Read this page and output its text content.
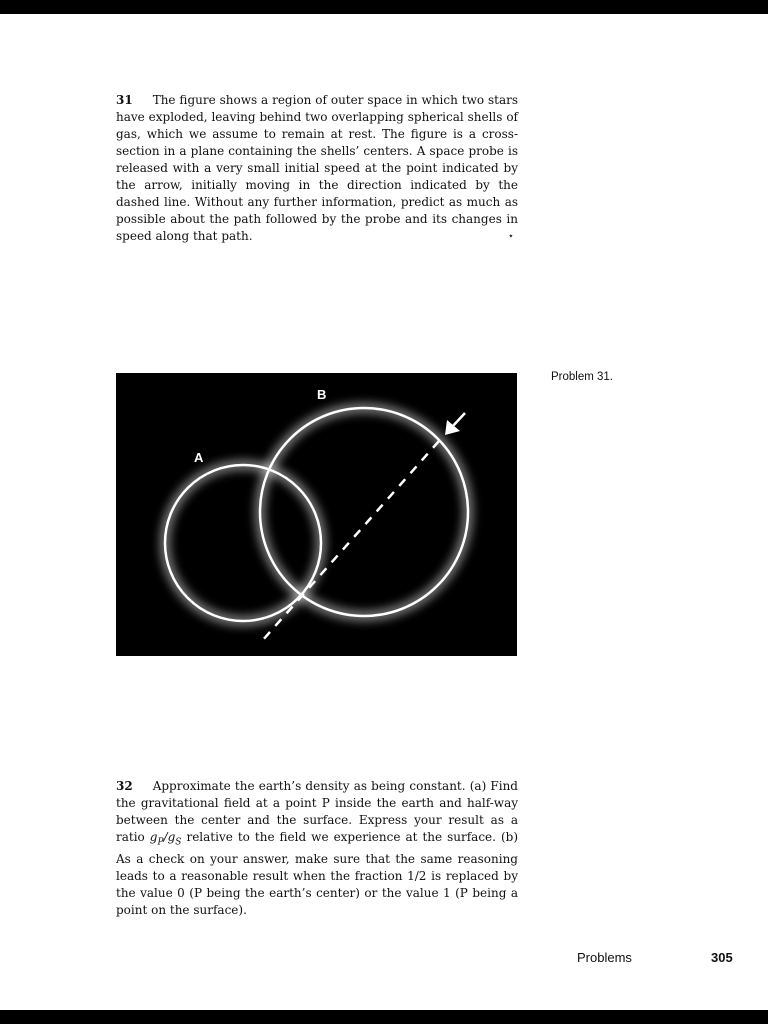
31 The figure shows a region of outer space in which two stars have exploded, leaving behind two overlapping spherical shells of gas, which we assume to remain at rest. The figure is a cross-section in a plane containing the shells’ centers. A space probe is released with a very small initial speed at the point indicated by the arrow, initially moving in the direction indicated by the dashed line. Without any further information, predict as much as possible about the path followed by the probe and its changes in speed along that path.	⋆
A
B
Problem 31.
32 Approximate the earth’s density as being constant. (a) Find the gravitational field at a point P inside the earth and half-way between the center and the surface. Express your result as a ratio $g_P/g_S$ relative to the field we experience at the surface. (b) As a check on your answer, make sure that the same reasoning leads to a reasonable result when the fraction 1/2 is replaced by the value 0 (P being the earth’s center) or the value 1 (P being a point on the surface).
Problems	305
